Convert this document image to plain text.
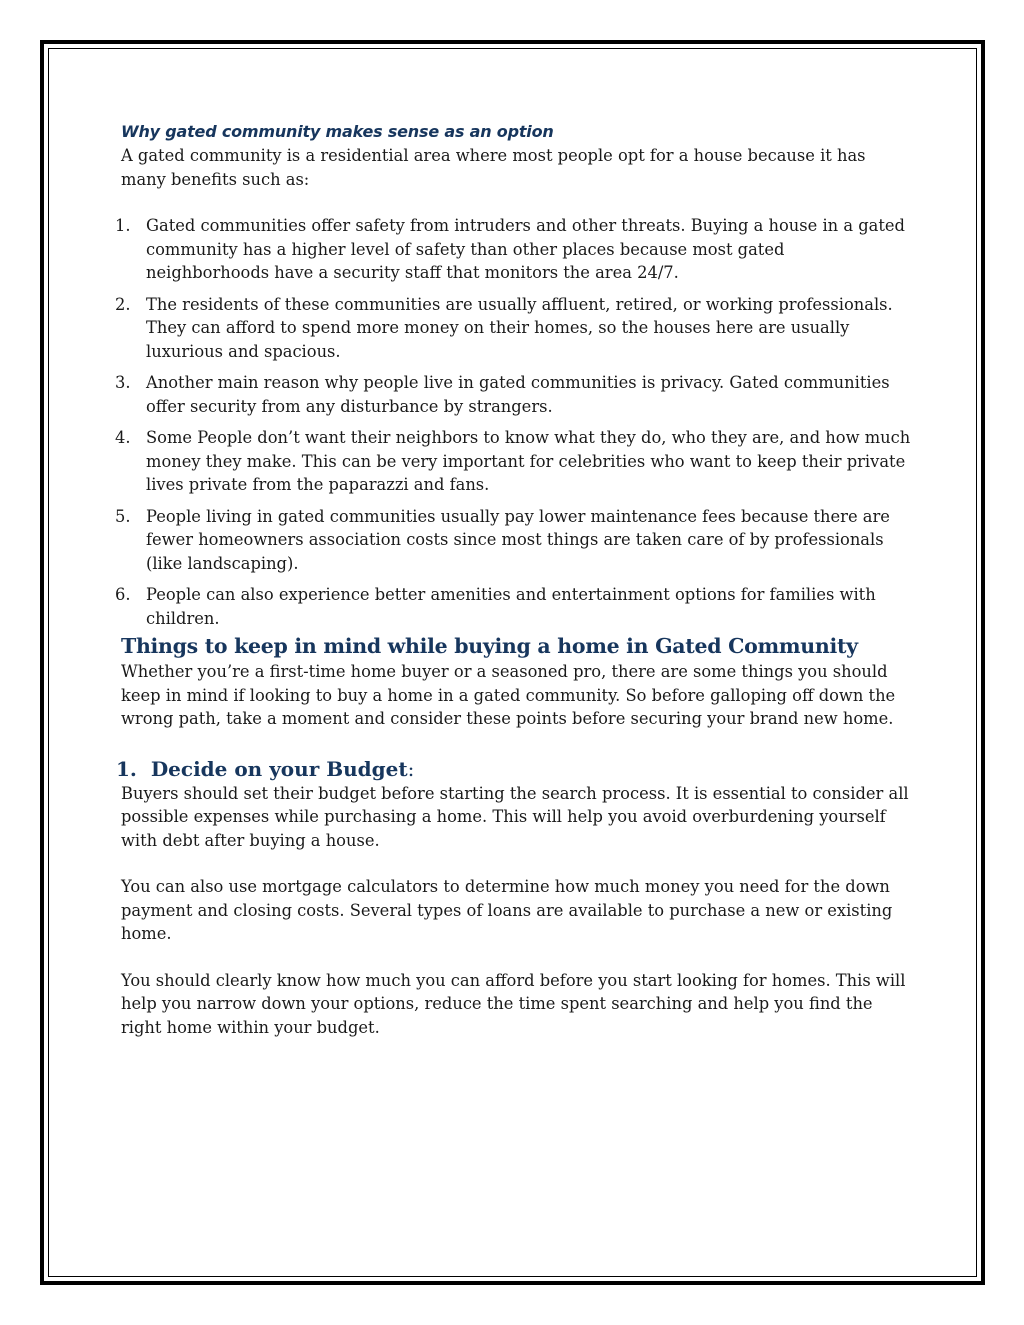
Why gated community makes sense as an option

A gated community is a residential area where most people opt for a house because it has many benefits such as:

1. Gated communities offer safety from intruders and other threats. Buying a house in a gated community has a higher level of safety than other places because most gated neighborhoods have a security staff that monitors the area 24/7.
2. The residents of these communities are usually affluent, retired, or working professionals. They can afford to spend more money on their homes, so the houses here are usually luxurious and spacious.
3. Another main reason why people live in gated communities is privacy. Gated communities offer security from any disturbance by strangers.
4. Some People don’t want their neighbors to know what they do, who they are, and how much money they make. This can be very important for celebrities who want to keep their private lives private from the paparazzi and fans.
5. People living in gated communities usually pay lower maintenance fees because there are fewer homeowners association costs since most things are taken care of by professionals (like landscaping).
6. People can also experience better amenities and entertainment options for families with children.
Things to keep in mind while buying a home in Gated Community

Whether you’re a first-time home buyer or a seasoned pro, there are some things you should keep in mind if looking to buy a home in a gated community. So before galloping off down the wrong path, take a moment and consider these points before securing your brand new home.

1. Decide on your Budget:

Buyers should set their budget before starting the search process. It is essential to consider all possible expenses while purchasing a home. This will help you avoid overburdening yourself with debt after buying a house.

You can also use mortgage calculators to determine how much money you need for the down payment and closing costs. Several types of loans are available to purchase a new or existing home.

You should clearly know how much you can afford before you start looking for homes. This will help you narrow down your options, reduce the time spent searching and help you find the right home within your budget.
